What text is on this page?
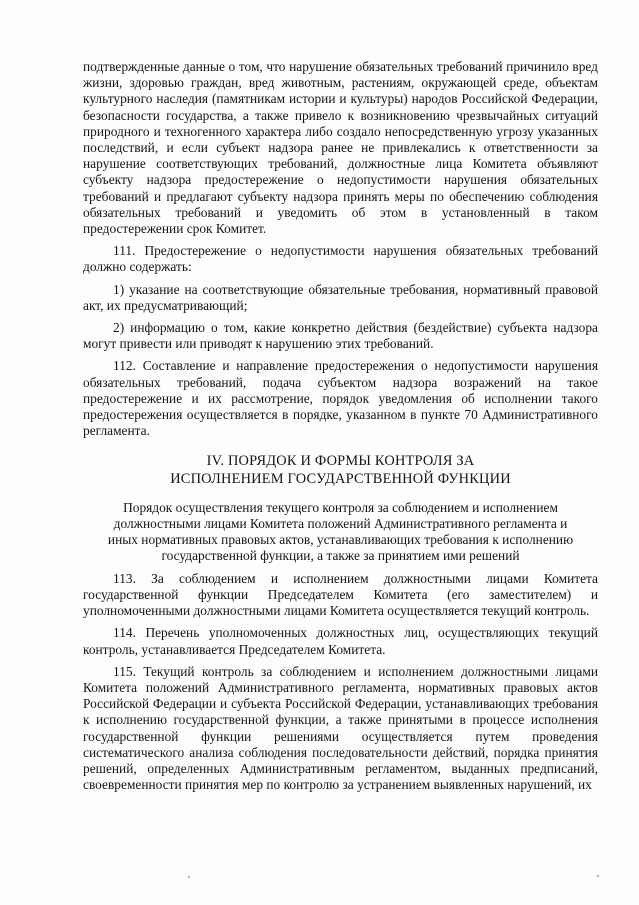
подтвержденные данные о том, что нарушение обязательных требований причинило вред жизни, здоровью граждан, вред животным, растениям, окружающей среде, объектам культурного наследия (памятникам истории и культуры) народов Российской Федерации, безопасности государства, а также привело к возникновению чрезвычайных ситуаций природного и техногенного характера либо создало непосредственную угрозу указанных последствий, и если субъект надзора ранее не привлекались к ответственности за нарушение соответствующих требований, должностные лица Комитета объявляют субъекту надзора предостережение о недопустимости нарушения обязательных требований и предлагают субъекту надзора принять меры по обеспечению соблюдения обязательных требований и уведомить об этом в установленный в таком предостережении срок Комитет.

111. Предостережение о недопустимости нарушения обязательных требований должно содержать:

1) указание на соответствующие обязательные требования, нормативный правовой акт, их предусматривающий;

2) информацию о том, какие конкретно действия (бездействие) субъекта надзора могут привести или приводят к нарушению этих требований.

112. Составление и направление предостережения о недопустимости нарушения обязательных требований, подача субъектом надзора возражений на такое предостережение и их рассмотрение, порядок уведомления об исполнении такого предостережения осуществляется в порядке, указанном в пункте 70 Административного регламента.

IV. ПОРЯДОК И ФОРМЫ КОНТРОЛЯ ЗА
ИСПОЛНЕНИЕМ ГОСУДАРСТВЕННОЙ ФУНКЦИИ
Порядок осуществления текущего контроля за соблюдением и исполнением
должностными лицами Комитета положений Административного регламента и
иных нормативных правовых актов, устанавливающих требования к исполнению
государственной функции, а также за принятием ими решений

113. За соблюдением и исполнением должностными лицами Комитета государственной функции Председателем Комитета (его заместителем) и уполномоченными должностными лицами Комитета осуществляется текущий контроль.

114. Перечень уполномоченных должностных лиц, осуществляющих текущий контроль, устанавливается Председателем Комитета.

115. Текущий контроль за соблюдением и исполнением должностными лицами Комитета положений Административного регламента, нормативных правовых актов Российской Федерации и субъекта Российской Федерации, устанавливающих требования к исполнению государственной функции, а также принятыми в процессе исполнения государственной функции решениями осуществляется путем проведения систематического анализа соблюдения последовательности действий, порядка принятия решений, определенных Административным регламентом, выданных предписаний, своевременности принятия мер по контролю за устранением выявленных нарушений, их
